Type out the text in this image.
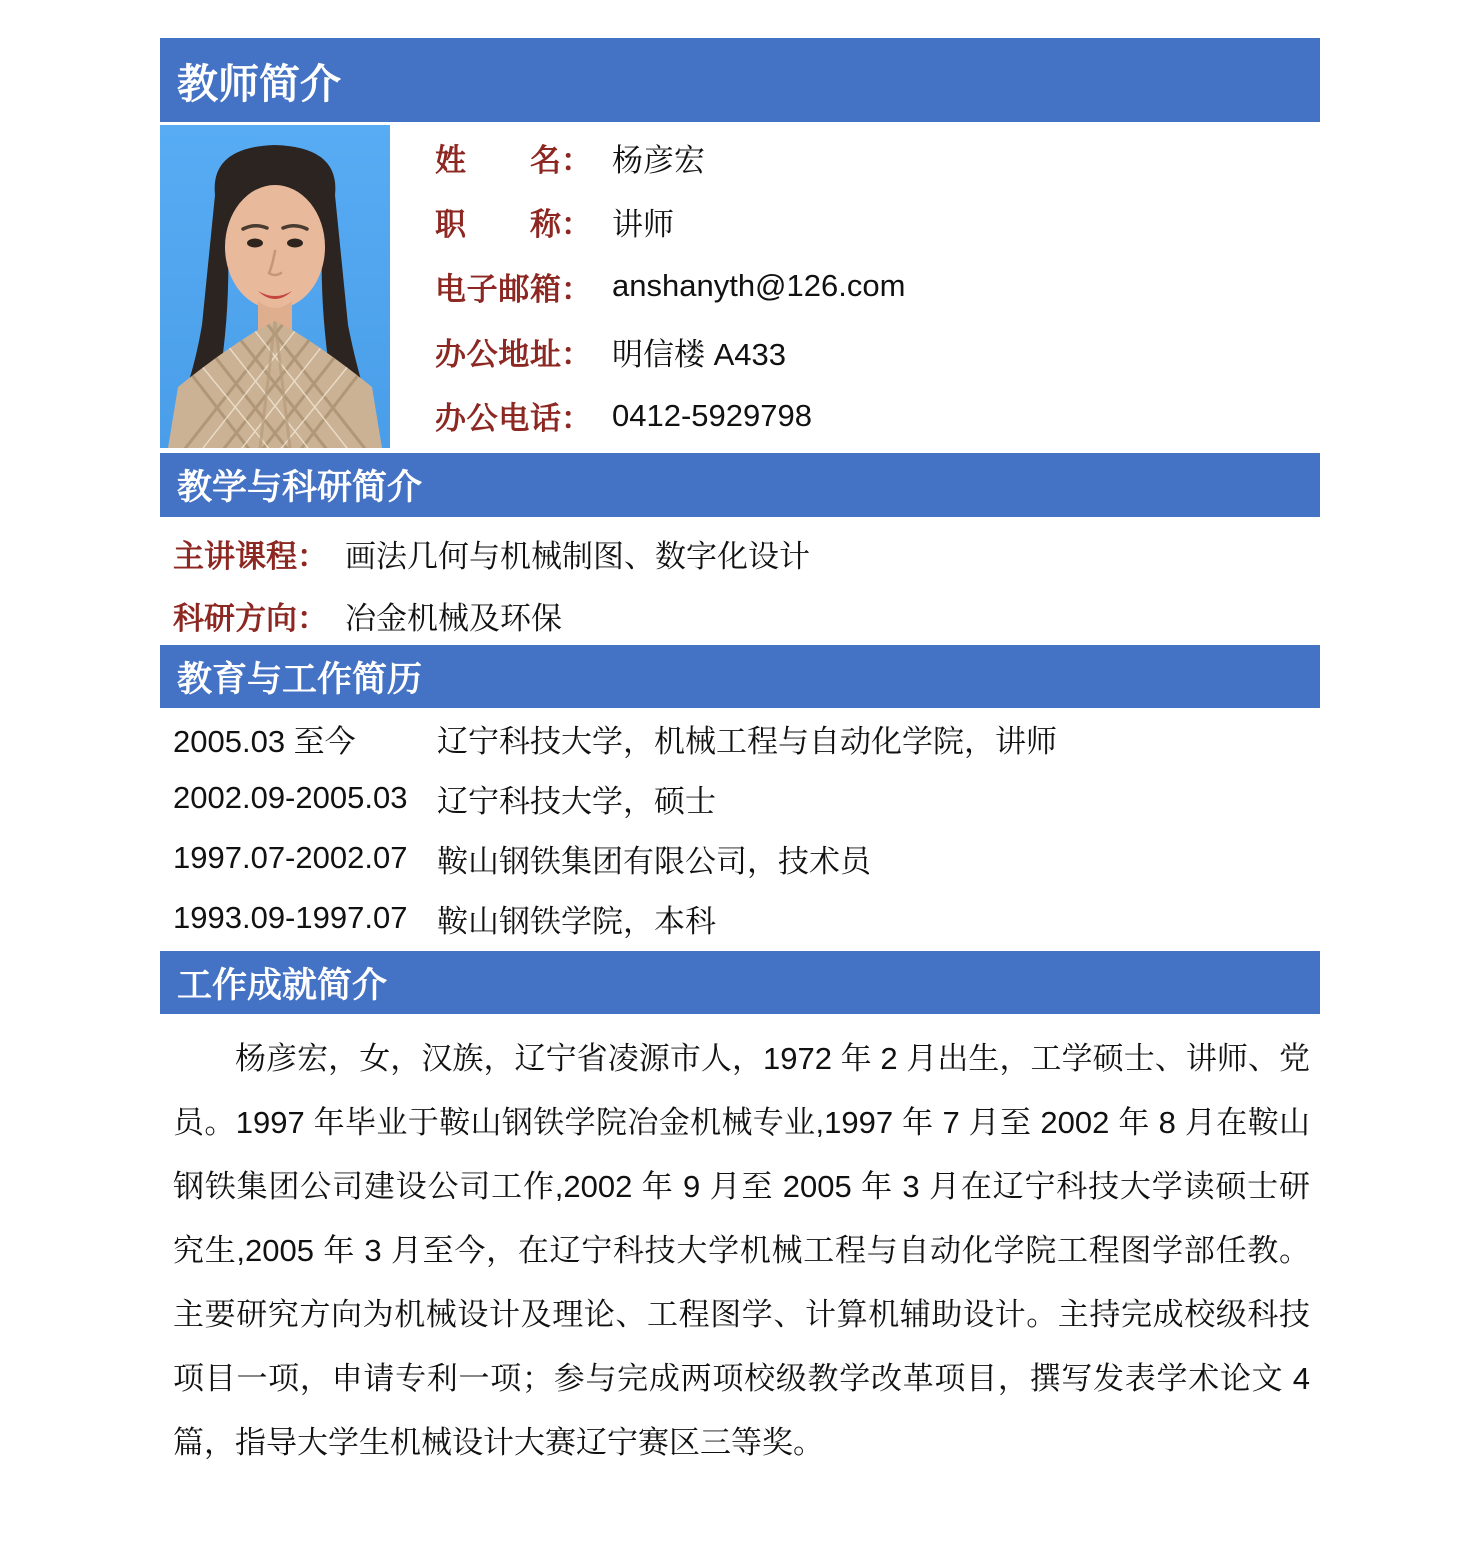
教师简介
姓名 ： 杨彦宏
职称 ： 讲师
电子邮箱 ： anshanyth@126.com
办公地址 ： 明信楼 A433
办公电话 ： 0412-5929798
教学与科研简介
主讲课程： 画法几何与机械制图、数字化设计
科研方向： 冶金机械及环保
教育与工作简历
2005.03 至今	辽宁科技大学，机械工程与自动化学院，讲师
2002.09-2005.03 辽宁科技大学，硕士
1997.07-2002.07 鞍山钢铁集团有限公司，技术员
1993.09-1997.07 鞍山钢铁学院，本科
工作成就简介

杨彦宏，女，汉族，辽宁省凌源市人，1972 年 2 月出生，工学硕士、讲师、党员。1997 年毕业于鞍山钢铁学院冶金机械专业,1997 年 7 月至 2002 年 8 月在鞍山钢铁集团公司建设公司工作,2002 年 9 月至 2005 年 3 月在辽宁科技大学读硕士研究生,2005 年 3 月至今，在辽宁科技大学机械工程与自动化学院工程图学部任教。主要研究方向为机械设计及理论、工程图学、计算机辅助设计。主持完成校级科技项目一项，申请专利一项；参与完成两项校级教学改革项目，撰写发表学术论文 4 篇，指导大学生机械设计大赛辽宁赛区三等奖。
